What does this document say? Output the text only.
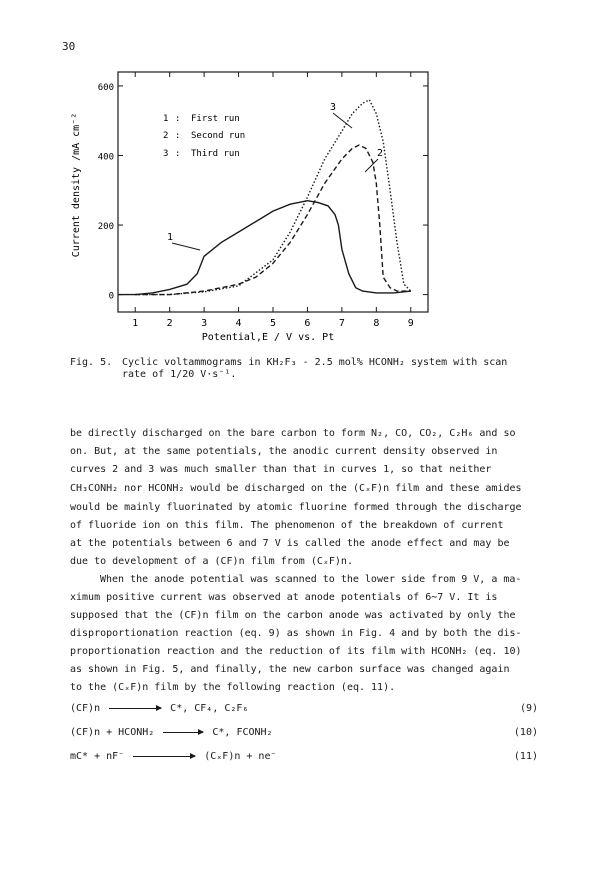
30
1	2	3	4	5	6	7	8	9
0
200
400
600
Potential,E / V vs. Pt
Current density /mA cm⁻²	1 : First run
2 : Second run
3 : Third run
1
3
2
Fig. 5. Cyclic voltammograms in KH₂F₃ - 2.5 mol% HCONH₂ system with scan
rate of 1/20 V·s⁻¹.
be directly discharged on the bare carbon to form N₂, CO, CO₂, C₂H₆ and so
on. But, at the same potentials, the anodic current density observed in
curves 2 and 3 was much smaller than that in curves 1, so that neither
CH₃CONH₂ nor HCONH₂ would be discharged on the (CₓF)n film and these amides
would be mainly fluorinated by atomic fluorine formed through the discharge
of fluoride ion on this film. The phenomenon of the breakdown of current
at the potentials between 6 and 7 V is called the anode effect and may be
due to development of a (CF)n film from (CₓF)n.
When the anode potential was scanned to the lower side from 9 V, a ma-
ximum positive current was observed at anode potentials of 6∼7 V. It is
supposed that the (CF)n film on the carbon anode was activated by only the
disproportionation reaction (eq. 9) as shown in Fig. 4 and by both the dis-
proportionation reaction and the reduction of its film with HCONH₂ (eq. 10)
as shown in Fig. 5, and finally, the new carbon surface was changed again
to the (CₓF)n film by the following reaction (eq. 11).
(CF)n	C*, CF₄, C₂F₆	(9)
(CF)n + HCONH₂ → C*, FCONH₂	(10)
mC* + nF⁻	(CₓF)n + ne⁻	(11)
